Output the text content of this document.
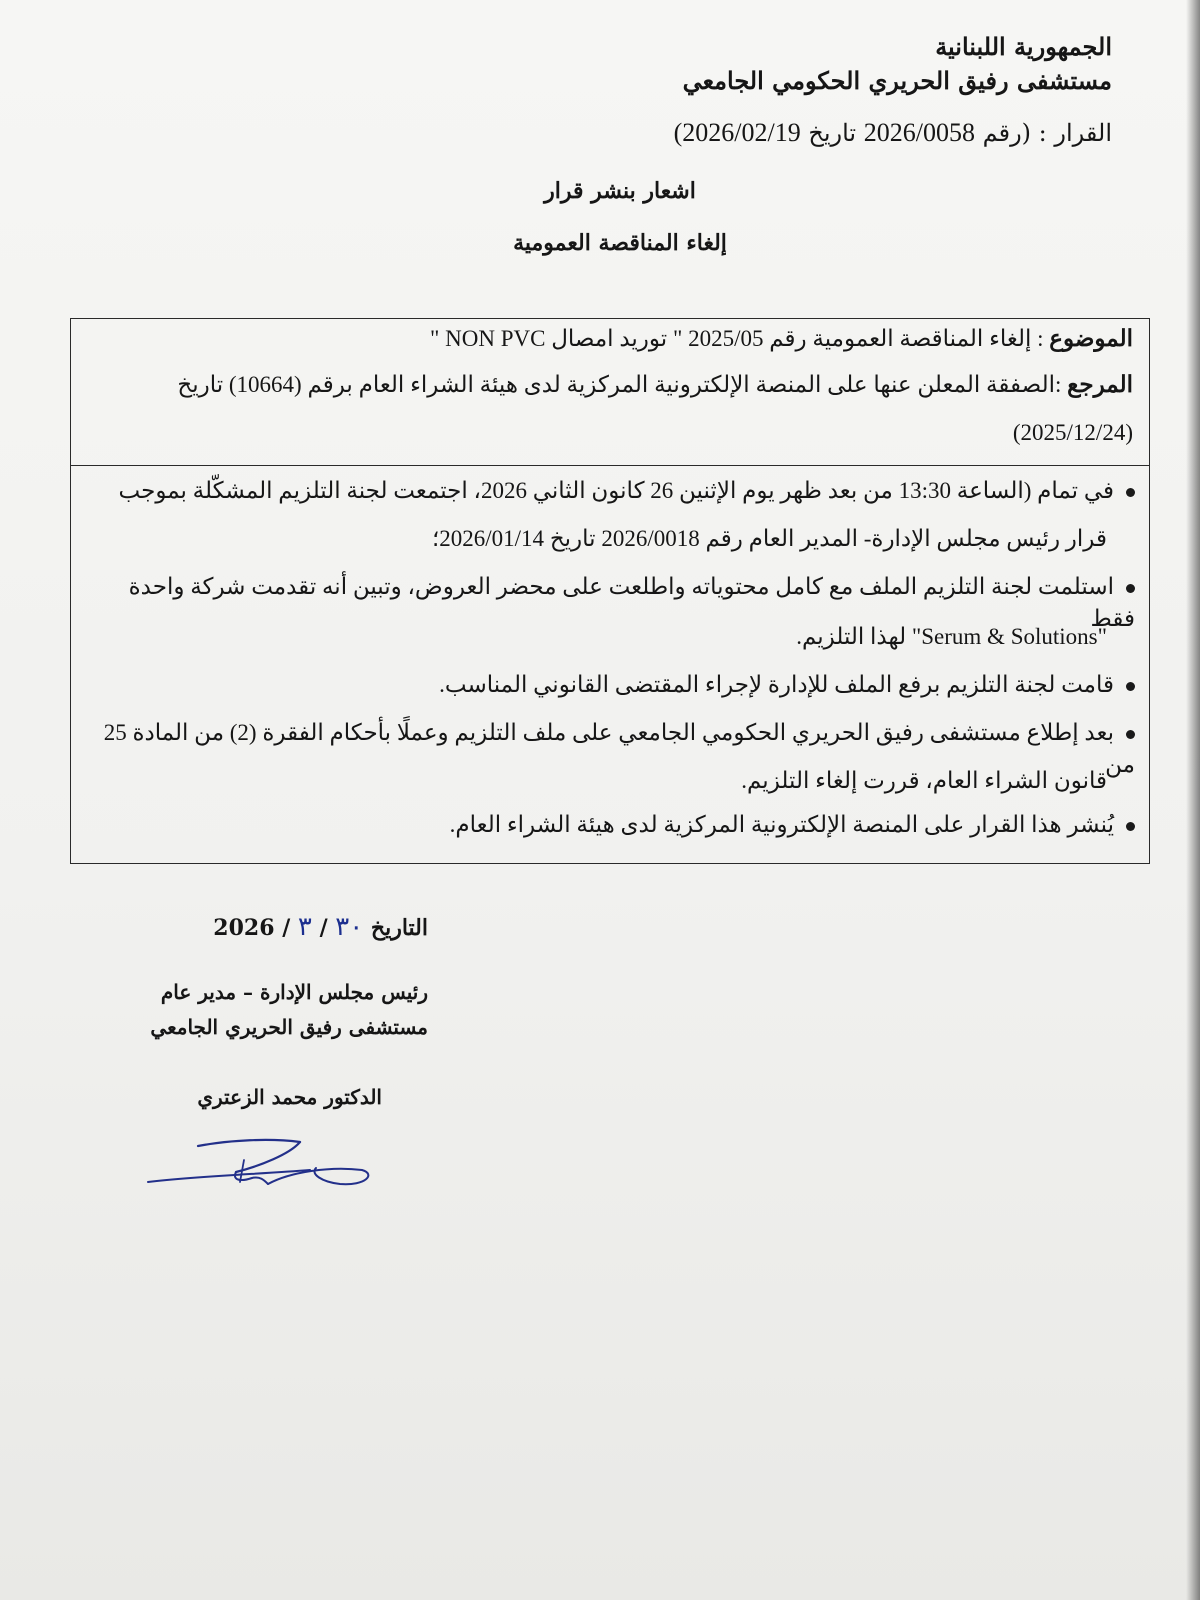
الجمهورية اللبنانية
مستشفى رفيق الحريري الحكومي الجامعي
القرار : (رقم 2026/0058 تاريخ 2026/02/19)
اشعار بنشر قرار
إلغاء المناقصة العمومية
الموضوع : إلغاء المناقصة العمومية رقم 2025/05 " توريد امصال NON PVC "
المرجع :الصفقة المعلن عنها على المنصة الإلكترونية المركزية لدى هيئة الشراء العام برقم (10664) تاريخ
(2025/12/24)
في تمام (الساعة 13:30 من بعد ظهر يوم الإثنين 26 كانون الثاني 2026، اجتمعت لجنة التلزيم المشكّلة بموجب
قرار رئيس مجلس الإدارة- المدير العام رقم 2026/0018 تاريخ 2026/01/14؛
استلمت لجنة التلزيم الملف مع كامل محتوياته واطلعت على محضر العروض، وتبين أنه تقدمت شركة واحدة فقط
"Serum & Solutions" لهذا التلزيم.
قامت لجنة التلزيم برفع الملف للإدارة لإجراء المقتضى القانوني المناسب.
بعد إطلاع مستشفى رفيق الحريري الحكومي الجامعي على ملف التلزيم وعملًا بأحكام الفقرة (2) من المادة 25 من
قانون الشراء العام، قررت إلغاء التلزيم.
يُنشر هذا القرار على المنصة الإلكترونية المركزية لدى هيئة الشراء العام.
التاريخ ٣٠ / ٣ / 2026
رئيس مجلس الإدارة – مدير عام
مستشفى رفيق الحريري الجامعي
الدكتور محمد الزعتري
